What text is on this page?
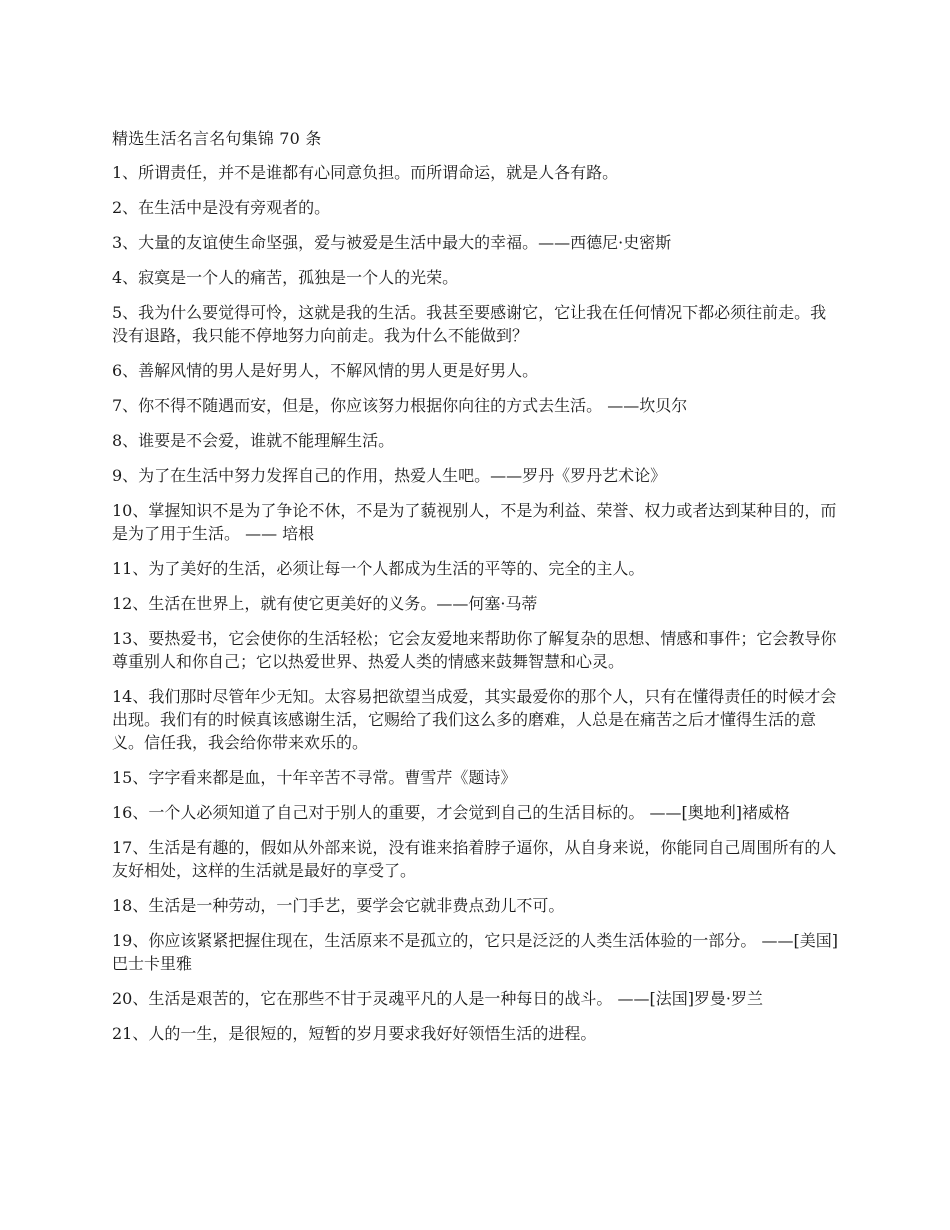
精选生活名言名句集锦 70 条
1、所谓责任，并不是谁都有心同意负担。而所谓命运，就是人各有路。
2、在生活中是没有旁观者的。
3、大量的友谊使生命坚强，爱与被爱是生活中最大的幸福。——西德尼·史密斯
4、寂寞是一个人的痛苦，孤独是一个人的光荣。
5、我为什么要觉得可怜，这就是我的生活。我甚至要感谢它，它让我在任何情况下都必须往前走。我没有退路，我只能不停地努力向前走。我为什么不能做到？
6、善解风情的男人是好男人，不解风情的男人更是好男人。
7、你不得不随遇而安，但是，你应该努力根据你向往的方式去生活。 ——坎贝尔
8、谁要是不会爱，谁就不能理解生活。
9、为了在生活中努力发挥自己的作用，热爱人生吧。——罗丹《罗丹艺术论》
10、掌握知识不是为了争论不休，不是为了藐视别人，不是为利益、荣誉、权力或者达到某种目的，而是为了用于生活。 —— 培根
11、为了美好的生活，必须让每一个人都成为生活的平等的、完全的主人。
12、生活在世界上，就有使它更美好的义务。——何塞·马蒂
13、要热爱书，它会使你的生活轻松；它会友爱地来帮助你了解复杂的思想、情感和事件；它会教导你尊重别人和你自己；它以热爱世界、热爱人类的情感来鼓舞智慧和心灵。
14、我们那时尽管年少无知。太容易把欲望当成爱，其实最爱你的那个人，只有在懂得责任的时候才会出现。我们有的时候真该感谢生活，它赐给了我们这么多的磨难，人总是在痛苦之后才懂得生活的意义。信任我，我会给你带来欢乐的。
15、字字看来都是血，十年辛苦不寻常。曹雪芹《题诗》
16、一个人必须知道了自己对于别人的重要，才会觉到自己的生活目标的。 ——[奥地利]褚威格
17、生活是有趣的，假如从外部来说，没有谁来掐着脖子逼你，从自身来说，你能同自己周围所有的人友好相处，这样的生活就是最好的享受了。
18、生活是一种劳动，一门手艺，要学会它就非费点劲儿不可。
19、你应该紧紧把握住现在，生活原来不是孤立的，它只是泛泛的人类生活体验的一部分。 ——[美国]巴士卡里雅
20、生活是艰苦的，它在那些不甘于灵魂平凡的人是一种每日的战斗。 ——[法国]罗曼·罗兰
21、人的一生，是很短的，短暂的岁月要求我好好领悟生活的进程。
